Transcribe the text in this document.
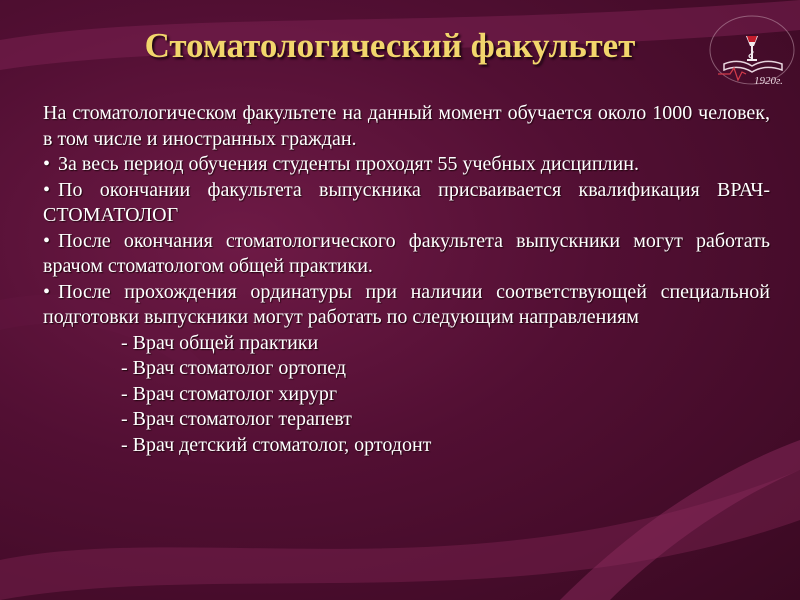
1920г.
Стоматологический факультет

На стоматологическом факультете на данный момент обучается около 1000 человек, в том числе и иностранных граждан.

• За весь период обучения студенты проходят 55 учебных дисциплин.

• По окончании факультета выпускника присваивается квалификация ВРАЧ-СТОМАТОЛОГ

• После окончания стоматологического факультета выпускники могут работать врачом стоматологом общей практики.

• После прохождения ординатуры при наличии соответствующей специальной подготовки выпускники могут работать по следующим направлениям

- Врач общей практики

- Врач стоматолог ортопед

- Врач стоматолог хирург

- Врач стоматолог терапевт

- Врач детский стоматолог, ортодонт
